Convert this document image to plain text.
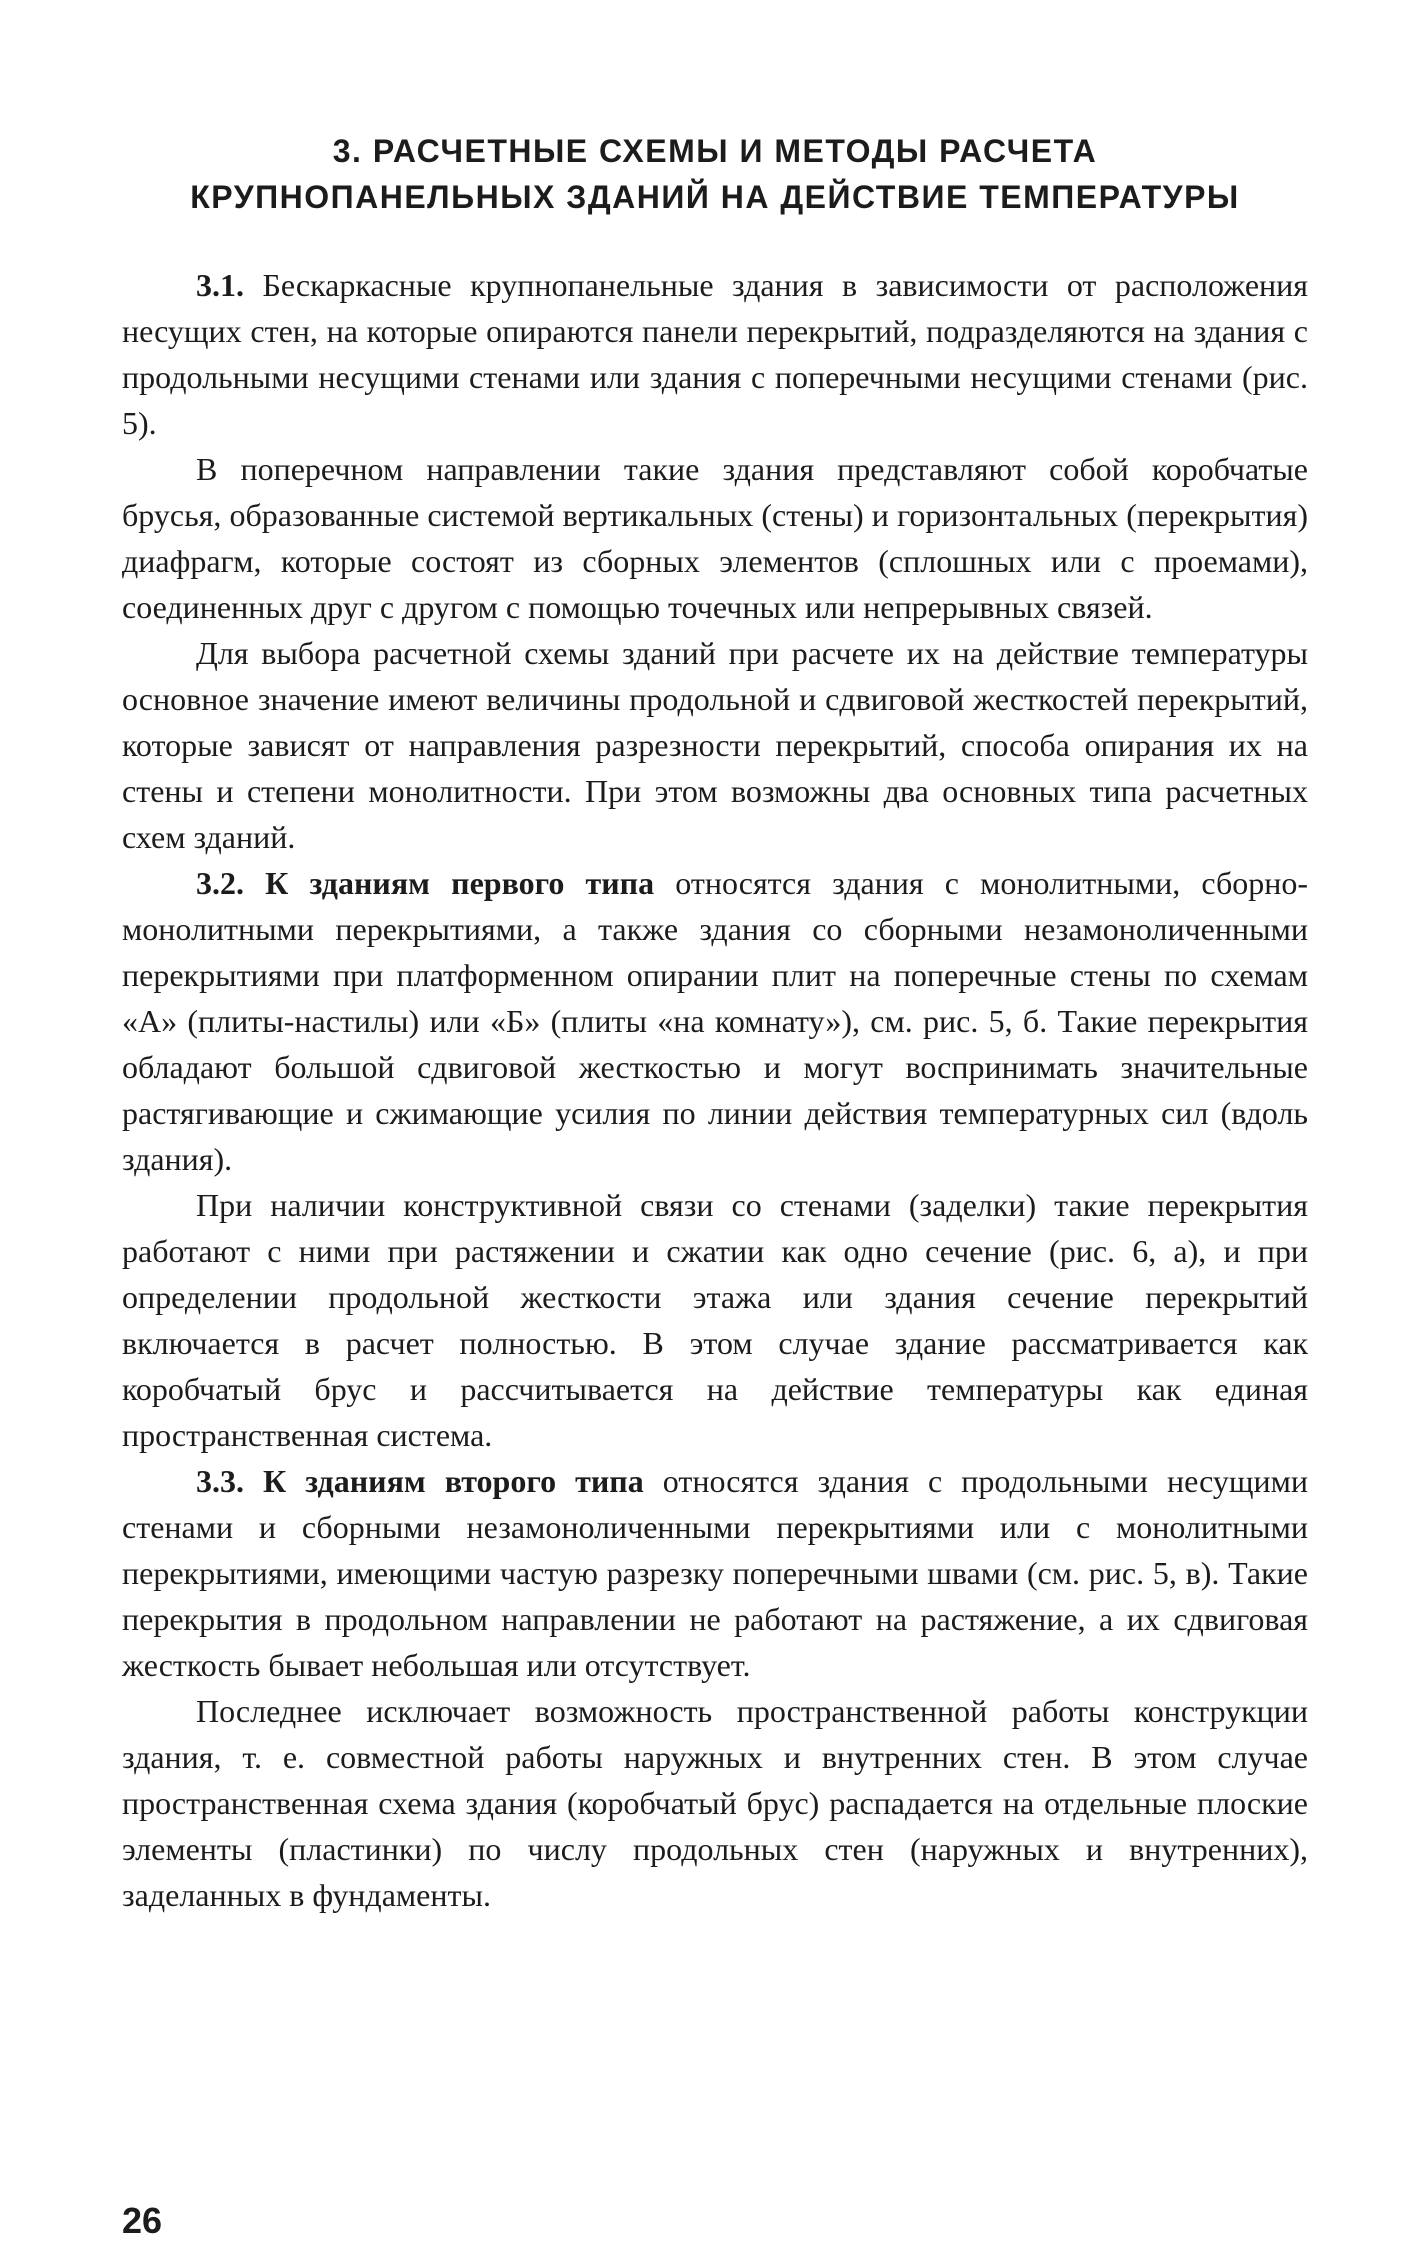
3. РАСЧЕТНЫЕ СХЕМЫ И МЕТОДЫ РАСЧЕТА
КРУПНОПАНЕЛЬНЫХ ЗДАНИЙ НА ДЕЙСТВИЕ ТЕМПЕРАТУРЫ

3.1. Бескаркасные крупнопанельные здания в зависимости от расположения несущих стен, на которые опираются панели перекрытий, подразделяются на здания с продольными несущими стенами или здания с поперечными несущими стенами (рис. 5).

В поперечном направлении такие здания представляют собой коробчатые брусья, образованные системой вертикальных (стены) и горизонтальных (перекрытия) диафрагм, которые состоят из сборных элементов (сплошных или с проемами), соединенных друг с другом с помощью точечных или непрерывных связей.

Для выбора расчетной схемы зданий при расчете их на действие температуры основное значение имеют величины продольной и сдвиговой жесткостей перекрытий, которые зависят от направления разрезности перекрытий, способа опирания их на стены и степени монолитности. При этом возможны два основных типа расчетных схем зданий.

3.2. К зданиям первого типа относятся здания с монолитными, сборно-монолитными перекрытиями, а также здания со сборными незамоноличенными перекрытиями при платформенном опирании плит на поперечные стены по схемам «А» (плиты-настилы) или «Б» (плиты «на комнату»), см. рис. 5, б. Такие перекрытия обладают большой сдвиговой жесткостью и могут воспринимать значительные растягивающие и сжимающие усилия по линии действия температурных сил (вдоль здания).

При наличии конструктивной связи со стенами (заделки) такие перекрытия работают с ними при растяжении и сжатии как одно сечение (рис. 6, а), и при определении продольной жесткости этажа или здания сечение перекрытий включается в расчет полностью. В этом случае здание рассматривается как коробчатый брус и рассчитывается на действие температуры как единая пространственная система.

3.3. К зданиям второго типа относятся здания с продольными несущими стенами и сборными незамоноличенными перекрытиями или с монолитными перекрытиями, имеющими частую разрезку поперечными швами (см. рис. 5, в). Такие перекрытия в продольном направлении не работают на растяжение, а их сдвиговая жесткость бывает небольшая или отсутствует.

Последнее исключает возможность пространственной работы конструкции здания, т. е. совместной работы наружных и внутренних стен. В этом случае пространственная схема здания (коробчатый брус) распадается на отдельные плоские элементы (пластинки) по числу продольных стен (наружных и внутренних), заделанных в фундаменты.

26
